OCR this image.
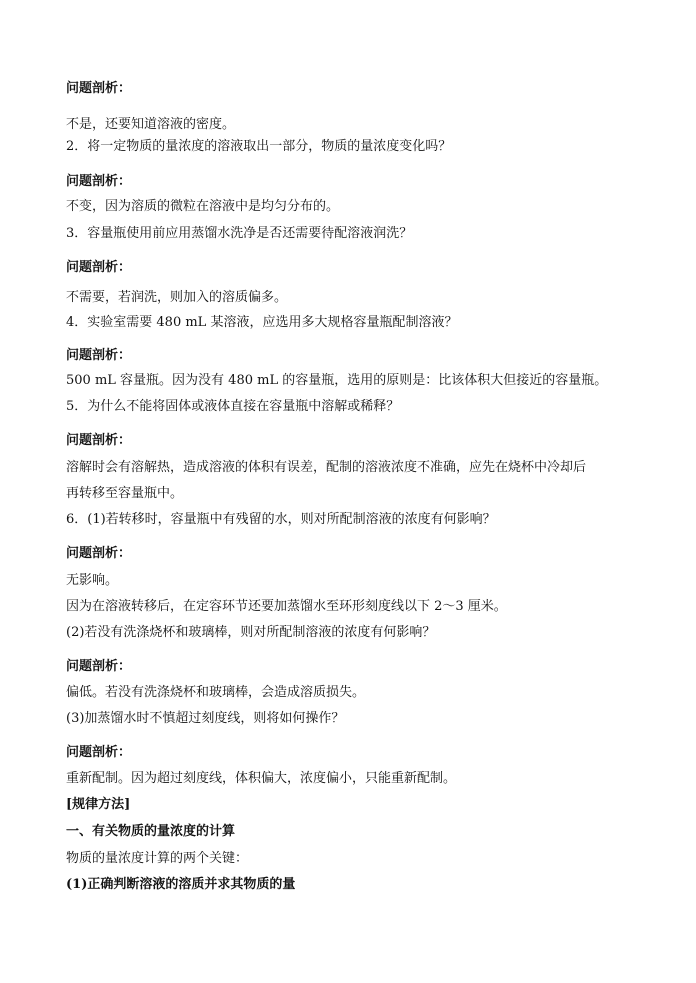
问题剖析：
不是，还要知道溶液的密度。
2．将一定物质的量浓度的溶液取出一部分，物质的量浓度变化吗？
问题剖析：
不变，因为溶质的微粒在溶液中是均匀分布的。
3．容量瓶使用前应用蒸馏水洗净是否还需要待配溶液润洗？
问题剖析：
不需要，若润洗，则加入的溶质偏多。
4．实验室需要 480 mL 某溶液，应选用多大规格容量瓶配制溶液？
问题剖析：
500 mL 容量瓶。因为没有 480 mL 的容量瓶，选用的原则是：比该体积大但接近的容量瓶。
5．为什么不能将固体或液体直接在容量瓶中溶解或稀释？
问题剖析：
溶解时会有溶解热，造成溶液的体积有误差，配制的溶液浓度不准确，应先在烧杯中冷却后
再转移至容量瓶中。
6．(1)若转移时，容量瓶中有残留的水，则对所配制溶液的浓度有何影响？
问题剖析：
无影响。
因为在溶液转移后，在定容环节还要加蒸馏水至环形刻度线以下 2～3 厘米。
(2)若没有洗涤烧杯和玻璃棒，则对所配制溶液的浓度有何影响？
问题剖析：
偏低。若没有洗涤烧杯和玻璃棒，会造成溶质损失。
(3)加蒸馏水时不慎超过刻度线，则将如何操作？
问题剖析：
重新配制。因为超过刻度线，体积偏大，浓度偏小，只能重新配制。
[规律方法]
一、有关物质的量浓度的计算
物质的量浓度计算的两个关键：
(1)正确判断溶液的溶质并求其物质的量
